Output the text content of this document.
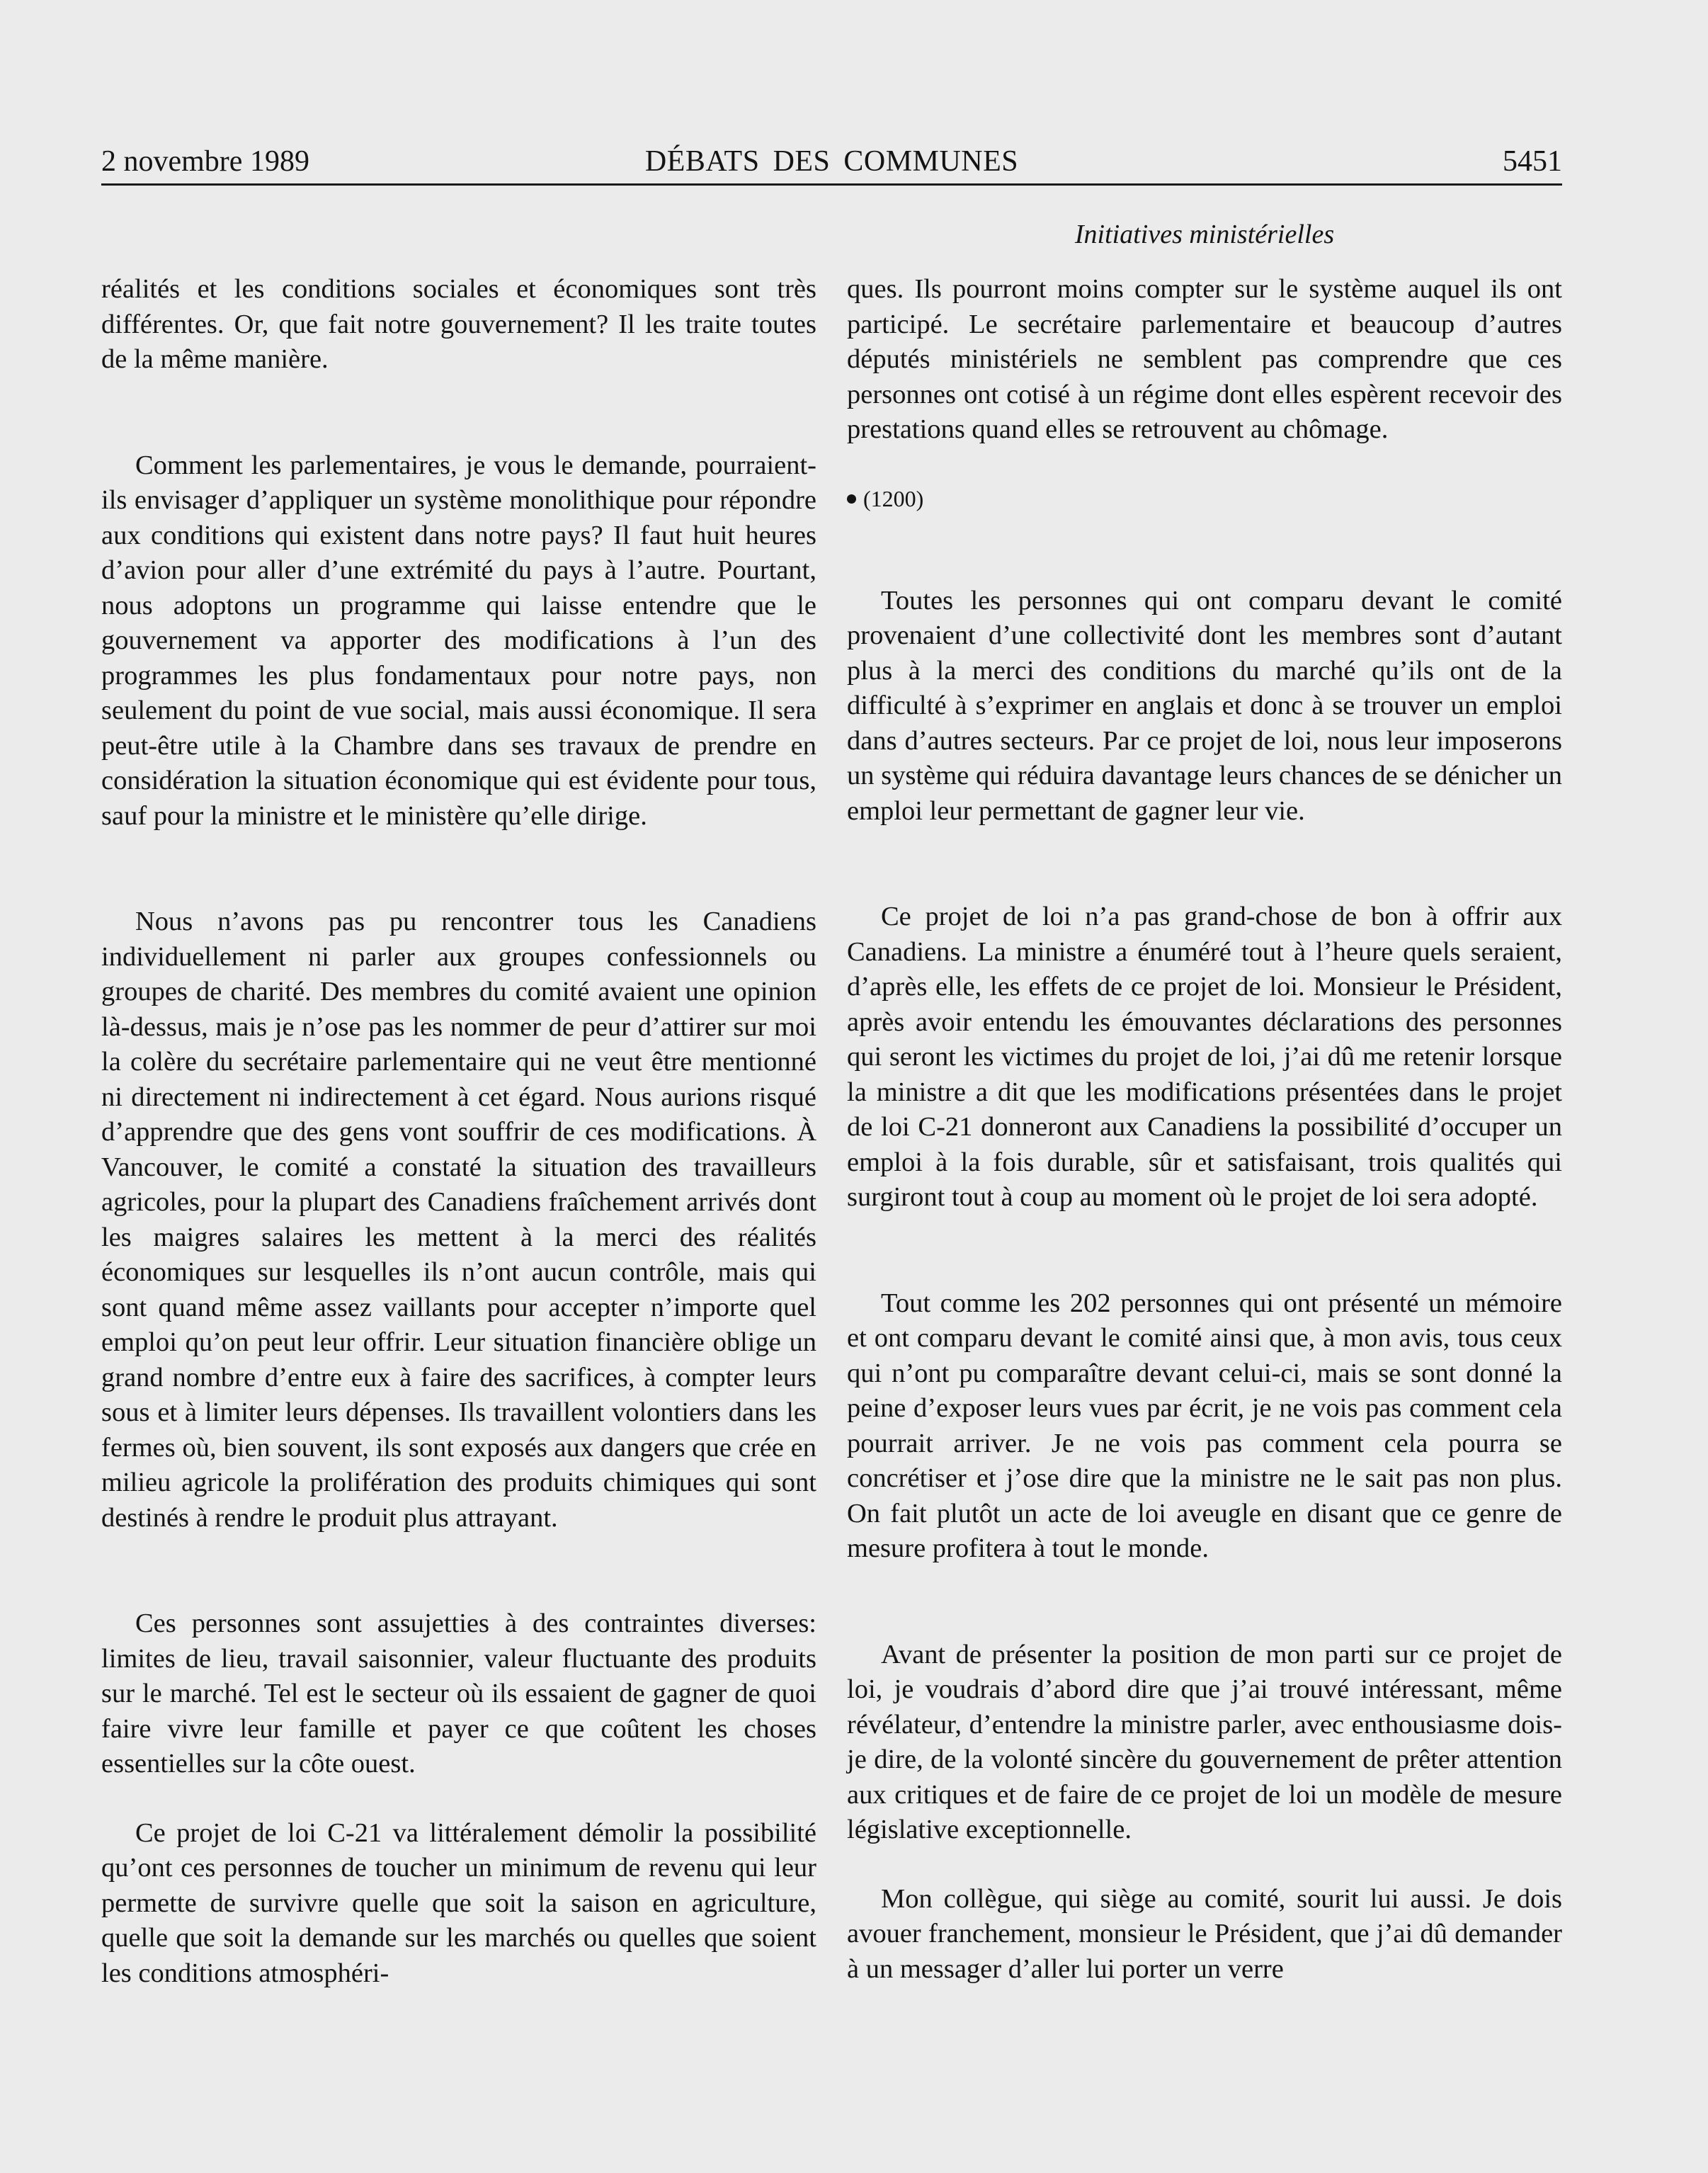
2 novembre 1989	DÉBATS DES COMMUNES	5451
Initiatives ministérielles

réalités et les conditions sociales et économiques sont très différentes. Or, que fait notre gouvernement? Il les traite toutes de la même manière.

Comment les parlementaires, je vous le demande, pourraient-ils envisager d’appliquer un système monolithique pour répondre aux conditions qui existent dans notre pays? Il faut huit heures d’avion pour aller d’une extrémité du pays à l’autre. Pourtant, nous adoptons un programme qui laisse entendre que le gouvernement va apporter des modifications à l’un des programmes les plus fondamentaux pour notre pays, non seulement du point de vue social, mais aussi économique. Il sera peut-être utile à la Chambre dans ses travaux de prendre en considération la situation économique qui est évidente pour tous, sauf pour la ministre et le ministère qu’elle dirige.

Nous n’avons pas pu rencontrer tous les Canadiens individuellement ni parler aux groupes confessionnels ou groupes de charité. Des membres du comité avaient une opinion là-dessus, mais je n’ose pas les nommer de peur d’attirer sur moi la colère du secrétaire parlementaire qui ne veut être mentionné ni directement ni indirectement à cet égard. Nous aurions risqué d’apprendre que des gens vont souffrir de ces modifications. À Vancouver, le comité a constaté la situation des travailleurs agricoles, pour la plupart des Canadiens fraîchement arrivés dont les maigres salaires les mettent à la merci des réalités économiques sur lesquelles ils n’ont aucun contrôle, mais qui sont quand même assez vaillants pour accepter n’importe quel emploi qu’on peut leur offrir. Leur situation financière oblige un grand nombre d’entre eux à faire des sacrifices, à compter leurs sous et à limiter leurs dépenses. Ils travaillent volontiers dans les fermes où, bien souvent, ils sont exposés aux dangers que crée en milieu agricole la prolifération des produits chimiques qui sont destinés à rendre le produit plus attrayant.

Ces personnes sont assujetties à des contraintes diverses: limites de lieu, travail saisonnier, valeur fluctuante des produits sur le marché. Tel est le secteur où ils essaient de gagner de quoi faire vivre leur famille et payer ce que coûtent les choses essentielles sur la côte ouest.

Ce projet de loi C-21 va littéralement démolir la possibilité qu’ont ces personnes de toucher un minimum de revenu qui leur permette de survivre quelle que soit la saison en agriculture, quelle que soit la demande sur les marchés ou quelles que soient les conditions atmosphéri-

ques. Ils pourront moins compter sur le système auquel ils ont participé. Le secrétaire parlementaire et beaucoup d’autres députés ministériels ne semblent pas comprendre que ces personnes ont cotisé à un régime dont elles espèrent recevoir des prestations quand elles se retrouvent au chômage.

(1200)

Toutes les personnes qui ont comparu devant le comité provenaient d’une collectivité dont les membres sont d’autant plus à la merci des conditions du marché qu’ils ont de la difficulté à s’exprimer en anglais et donc à se trouver un emploi dans d’autres secteurs. Par ce projet de loi, nous leur imposerons un système qui réduira davantage leurs chances de se dénicher un emploi leur permettant de gagner leur vie.

Ce projet de loi n’a pas grand-chose de bon à offrir aux Canadiens. La ministre a énuméré tout à l’heure quels seraient, d’après elle, les effets de ce projet de loi. Monsieur le Président, après avoir entendu les émouvantes déclarations des personnes qui seront les victimes du projet de loi, j’ai dû me retenir lorsque la ministre a dit que les modifications présentées dans le projet de loi C-21 donneront aux Canadiens la possibilité d’occuper un emploi à la fois durable, sûr et satisfaisant, trois qualités qui surgiront tout à coup au moment où le projet de loi sera adopté.

Tout comme les 202 personnes qui ont présenté un mémoire et ont comparu devant le comité ainsi que, à mon avis, tous ceux qui n’ont pu comparaître devant celui-ci, mais se sont donné la peine d’exposer leurs vues par écrit, je ne vois pas comment cela pourrait arriver. Je ne vois pas comment cela pourra se concrétiser et j’ose dire que la ministre ne le sait pas non plus. On fait plutôt un acte de loi aveugle en disant que ce genre de mesure profitera à tout le monde.

Avant de présenter la position de mon parti sur ce projet de loi, je voudrais d’abord dire que j’ai trouvé intéressant, même révélateur, d’entendre la ministre parler, avec enthousiasme dois-je dire, de la volonté sincère du gouvernement de prêter attention aux critiques et de faire de ce projet de loi un modèle de mesure législative exceptionnelle.

Mon collègue, qui siège au comité, sourit lui aussi. Je dois avouer franchement, monsieur le Président, que j’ai dû demander à un messager d’aller lui porter un verre
